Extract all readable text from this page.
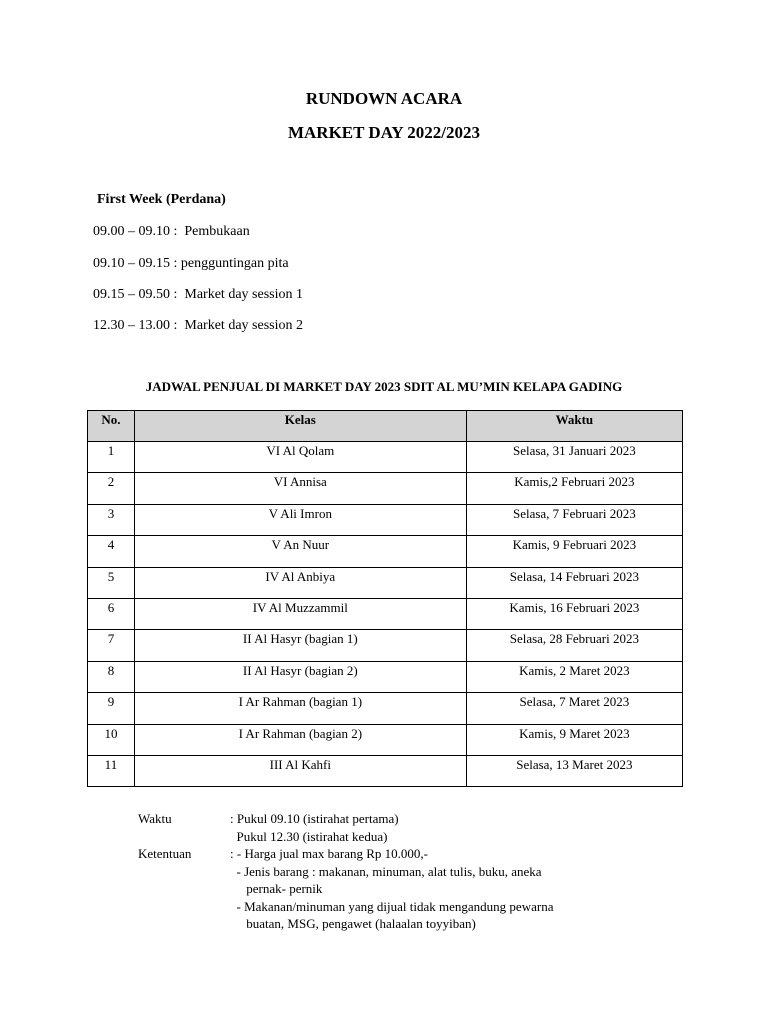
RUNDOWN ACARA
MARKET DAY 2022/2023
First Week (Perdana)
09.00 – 09.10 :  Pembukaan
09.10 – 09.15 : pengguntingan pita
09.15 – 09.50 :  Market day session 1
12.30 – 13.00 :  Market day session 2
JADWAL PENJUAL DI MARKET DAY 2023 SDIT AL MU’MIN KELAPA GADING
No.	Kelas	Waktu
1	VI Al Qolam	Selasa, 31 Januari 2023
2	VI Annisa	Kamis,2 Februari 2023
3	V Ali Imron	Selasa, 7 Februari 2023
4	V An Nuur	Kamis, 9 Februari 2023
5	IV Al Anbiya	Selasa, 14 Februari 2023
6	IV Al Muzzammil	Kamis, 16 Februari 2023
7	II Al Hasyr (bagian 1)	Selasa, 28 Februari 2023
8	II Al Hasyr (bagian 2)	Kamis, 2 Maret 2023
9	I Ar Rahman (bagian 1)	Selasa, 7 Maret 2023
10	I Ar Rahman (bagian 2)	Kamis, 9 Maret 2023
11	III Al Kahfi	Selasa, 13 Maret 2023
Waktu	: Pukul 09.10 (istirahat pertama)
Pukul 12.30 (istirahat kedua)
Ketentuan	: - Harga jual max barang Rp 10.000,-
- Jenis barang : makanan, minuman, alat tulis, buku, aneka
pernak- pernik
- Makanan/minuman yang dijual tidak mengandung pewarna
buatan, MSG, pengawet (halaalan toyyiban)
